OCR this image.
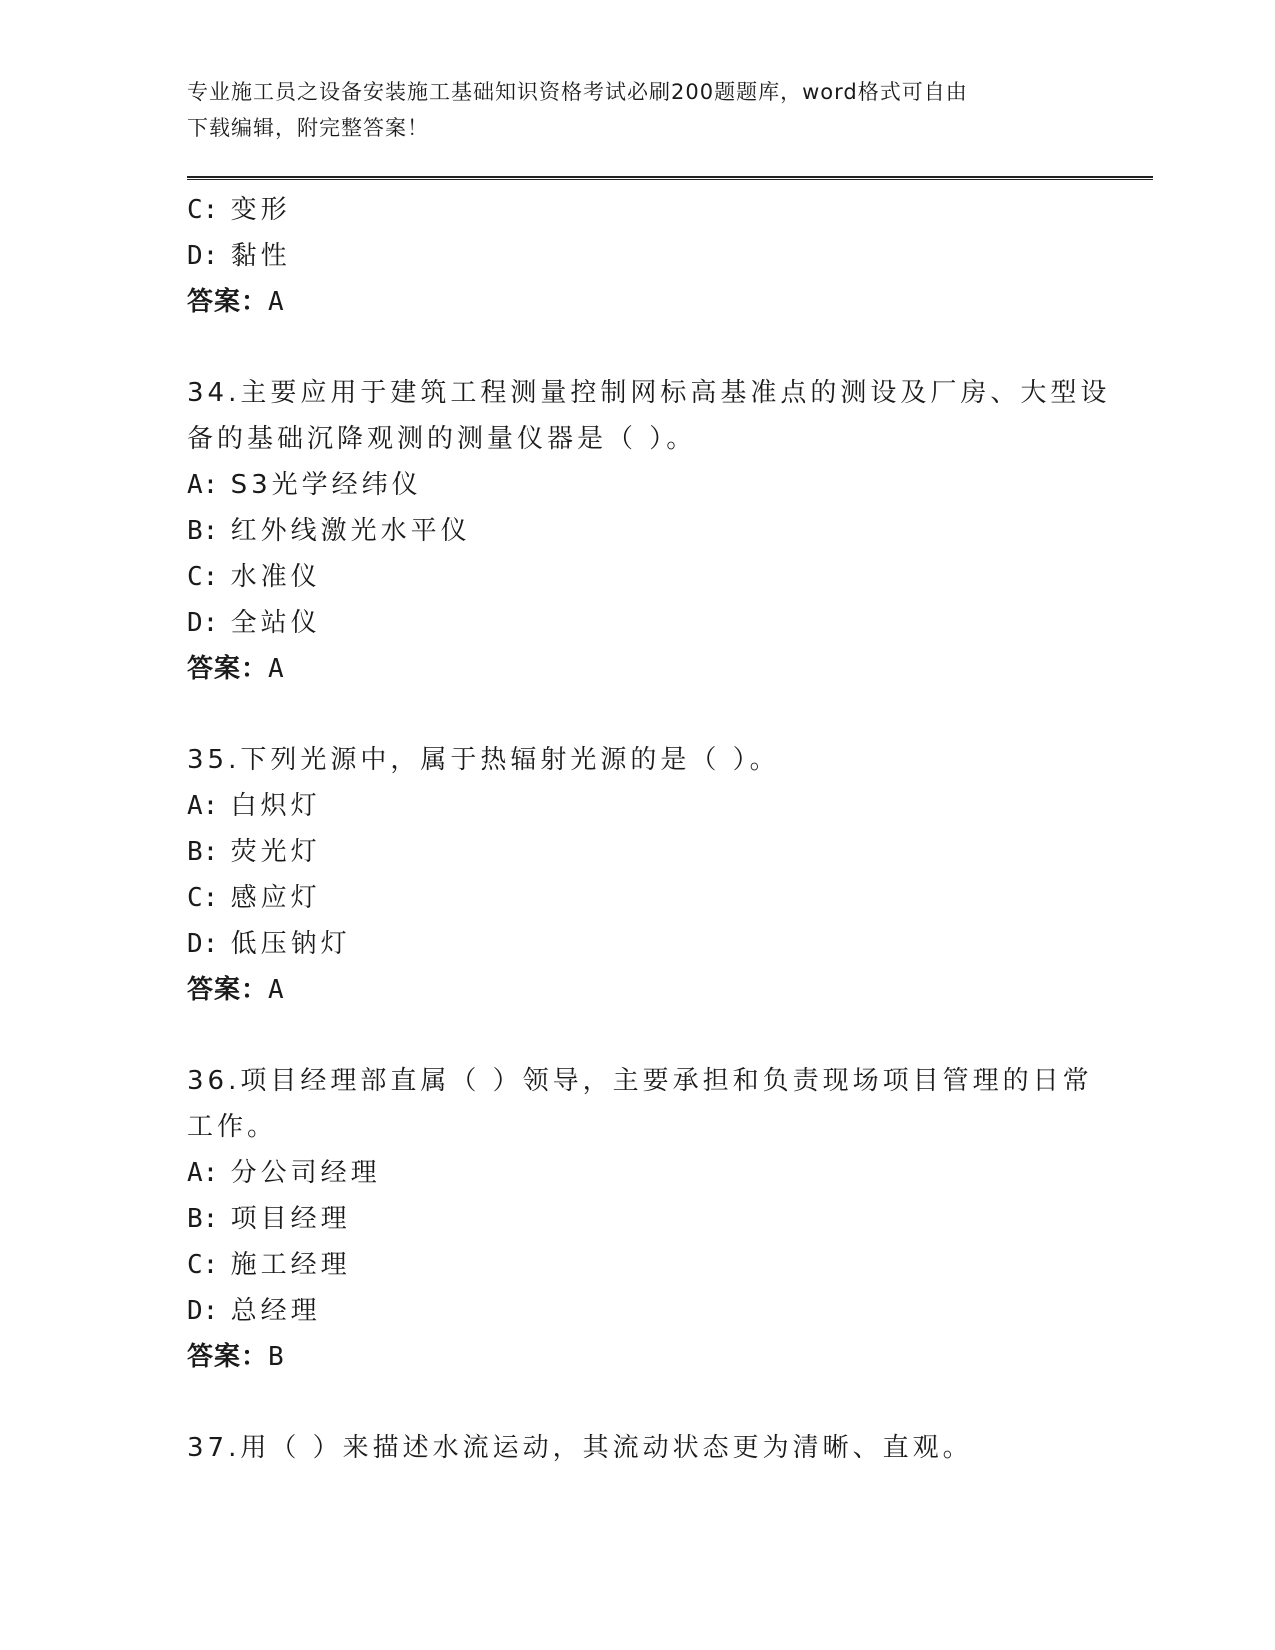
专业施工员之设备安装施工基础知识资格考试必刷200题题库，word格式可自由
下载编辑，附完整答案！
C: 变形
D: 黏性
答案：A
34.主要应用于建筑工程测量控制网标高基准点的测设及厂房、大型设
备的基础沉降观测的测量仪器是（ ）。
A: S3光学经纬仪
B: 红外线激光水平仪
C: 水准仪
D: 全站仪
答案：A
35.下列光源中，属于热辐射光源的是（ ）。
A: 白炽灯
B: 荧光灯
C: 感应灯
D: 低压钠灯
答案：A
36.项目经理部直属（ ）领导，主要承担和负责现场项目管理的日常
工作。
A: 分公司经理
B: 项目经理
C: 施工经理
D: 总经理
答案：B
37.用（ ）来描述水流运动，其流动状态更为清晰、直观。
